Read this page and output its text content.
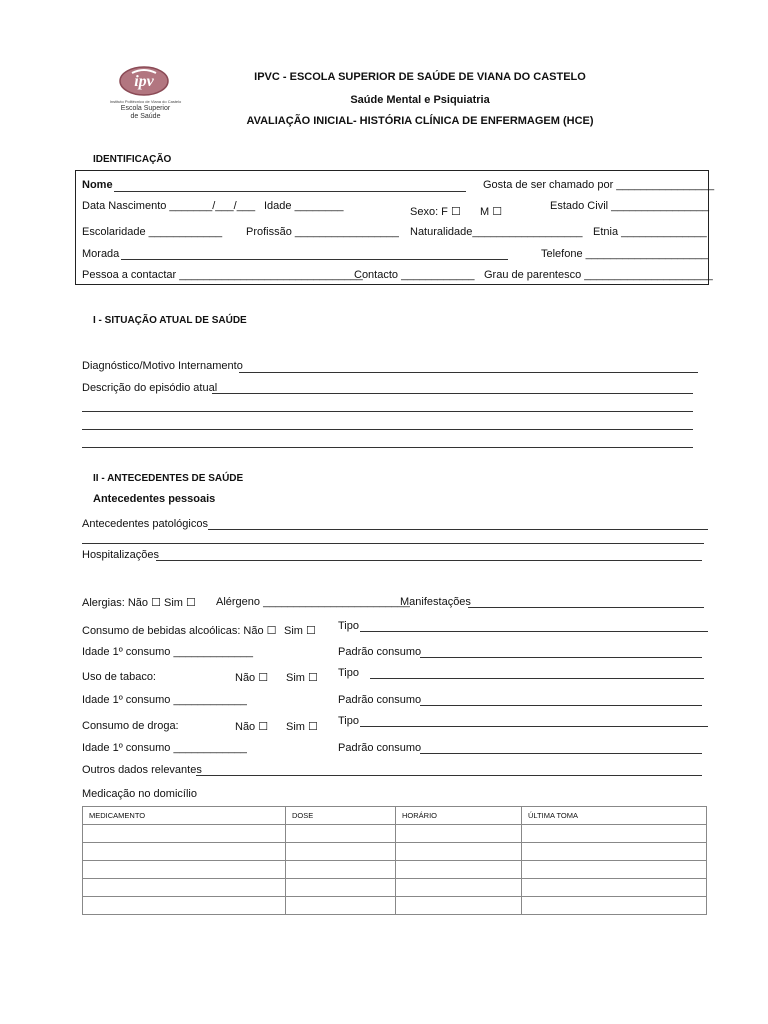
ipv
Instituto Politécnico de Viana do Castelo
Escola Superior
de Saúde
IPVC - ESCOLA SUPERIOR DE SAÚDE DE VIANA DO CASTELO
Saúde Mental e Psiquiatria
AVALIAÇÃO INICIAL- HISTÓRIA CLÍNICA DE ENFERMAGEM (HCE)
IDENTIFICAÇÃO
Nome	Gosta de ser chamado por ________________
Data Nascimento _______/___/___ Idade ________	Sexo: F ☐ M ☐	Estado Civil ________________
Escolaridade ____________ Profissão _________________ Naturalidade__________________ Etnia ______________
Morada	Telefone ____________________
Pessoa a contactar ______________________________
Contacto ____________ Grau de parentesco _____________________
I - SITUAÇÃO ATUAL DE SAÚDE
Diagnóstico/Motivo Internamento
Descrição do episódio atual
II - ANTECEDENTES DE SAÚDE
Antecedentes pessoais
Antecedentes patológicos
Hospitalizações
Alergias: Não ☐ Sim ☐ Alérgeno ________________________
Manifestações
Consumo de bebidas alcoólicas: Não ☐ Sim ☐ Tipo
Idade 1º consumo _____________	Padrão consumo
Uso de tabaco:	Não ☐ Sim ☐ Tipo
Idade 1º consumo ____________	Padrão consumo
Consumo de droga:	Não ☐ Sim ☐ Tipo
Idade 1º consumo ____________	Padrão consumo
Outros dados relevantes
Medicação no domicílio
MEDICAMENTO	DOSE	HORÁRIO	ÚLTIMA TOMA
